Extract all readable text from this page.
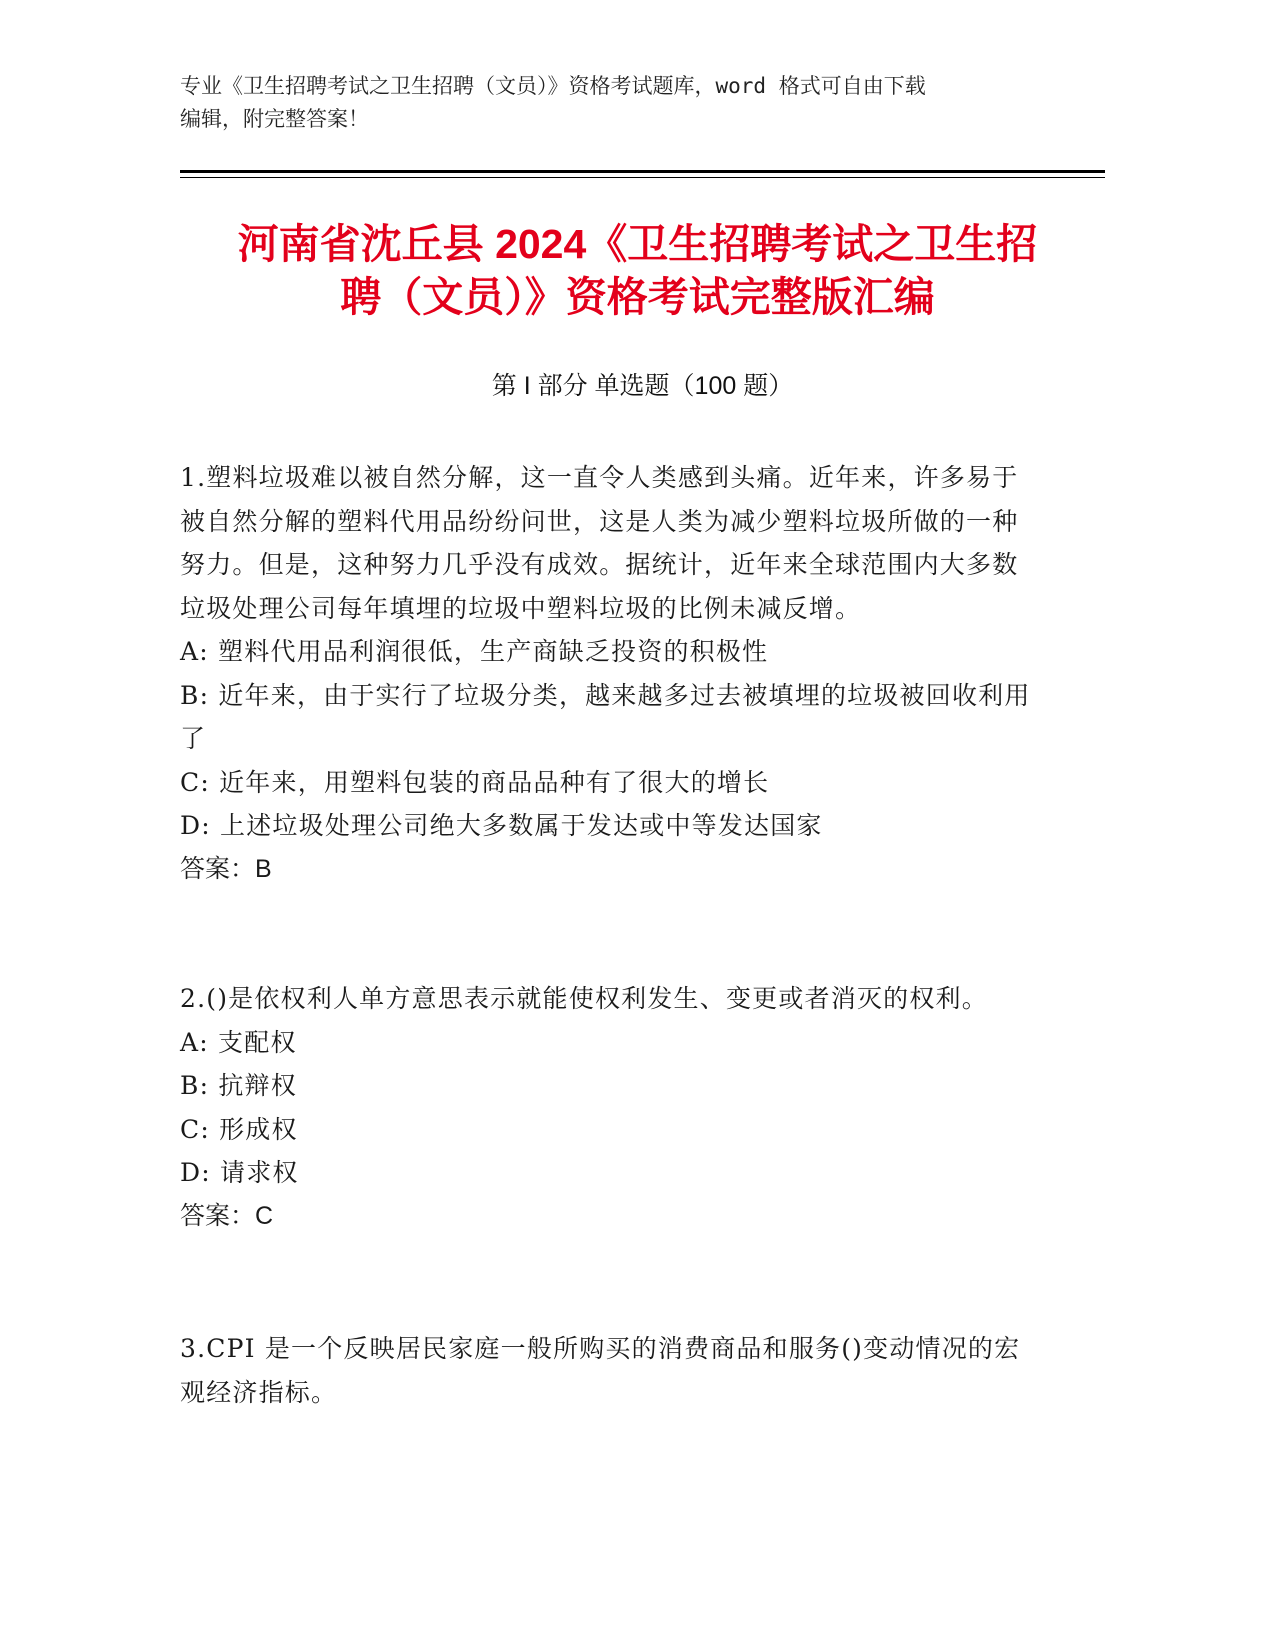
专业《卫生招聘考试之卫生招聘（文员）》资格考试题库，word 格式可自由下载
编辑，附完整答案！
河南省沈丘县 2024《卫生招聘考试之卫生招
聘（文员）》资格考试完整版汇编
第 I 部分 单选题（100 题）

1.塑料垃圾难以被自然分解，这一直令人类感到头痛。近年来，许多易于被自然分解的塑料代用品纷纷问世，这是人类为减少塑料垃圾所做的一种努力。但是，这种努力几乎没有成效。据统计，近年来全球范围内大多数垃圾处理公司每年填埋的垃圾中塑料垃圾的比例未减反增。

A: 塑料代用品利润很低，生产商缺乏投资的积极性

B: 近年来，由于实行了垃圾分类，越来越多过去被填埋的垃圾被回收利用了

C: 近年来，用塑料包装的商品品种有了很大的增长

D: 上述垃圾处理公司绝大多数属于发达或中等发达国家

答案：B

2.()是依权利人单方意思表示就能使权利发生、变更或者消灭的权利。

A: 支配权

B: 抗辩权

C: 形成权

D: 请求权

答案：C

3.CPI 是一个反映居民家庭一般所购买的消费商品和服务()变动情况的宏观经济指标。
